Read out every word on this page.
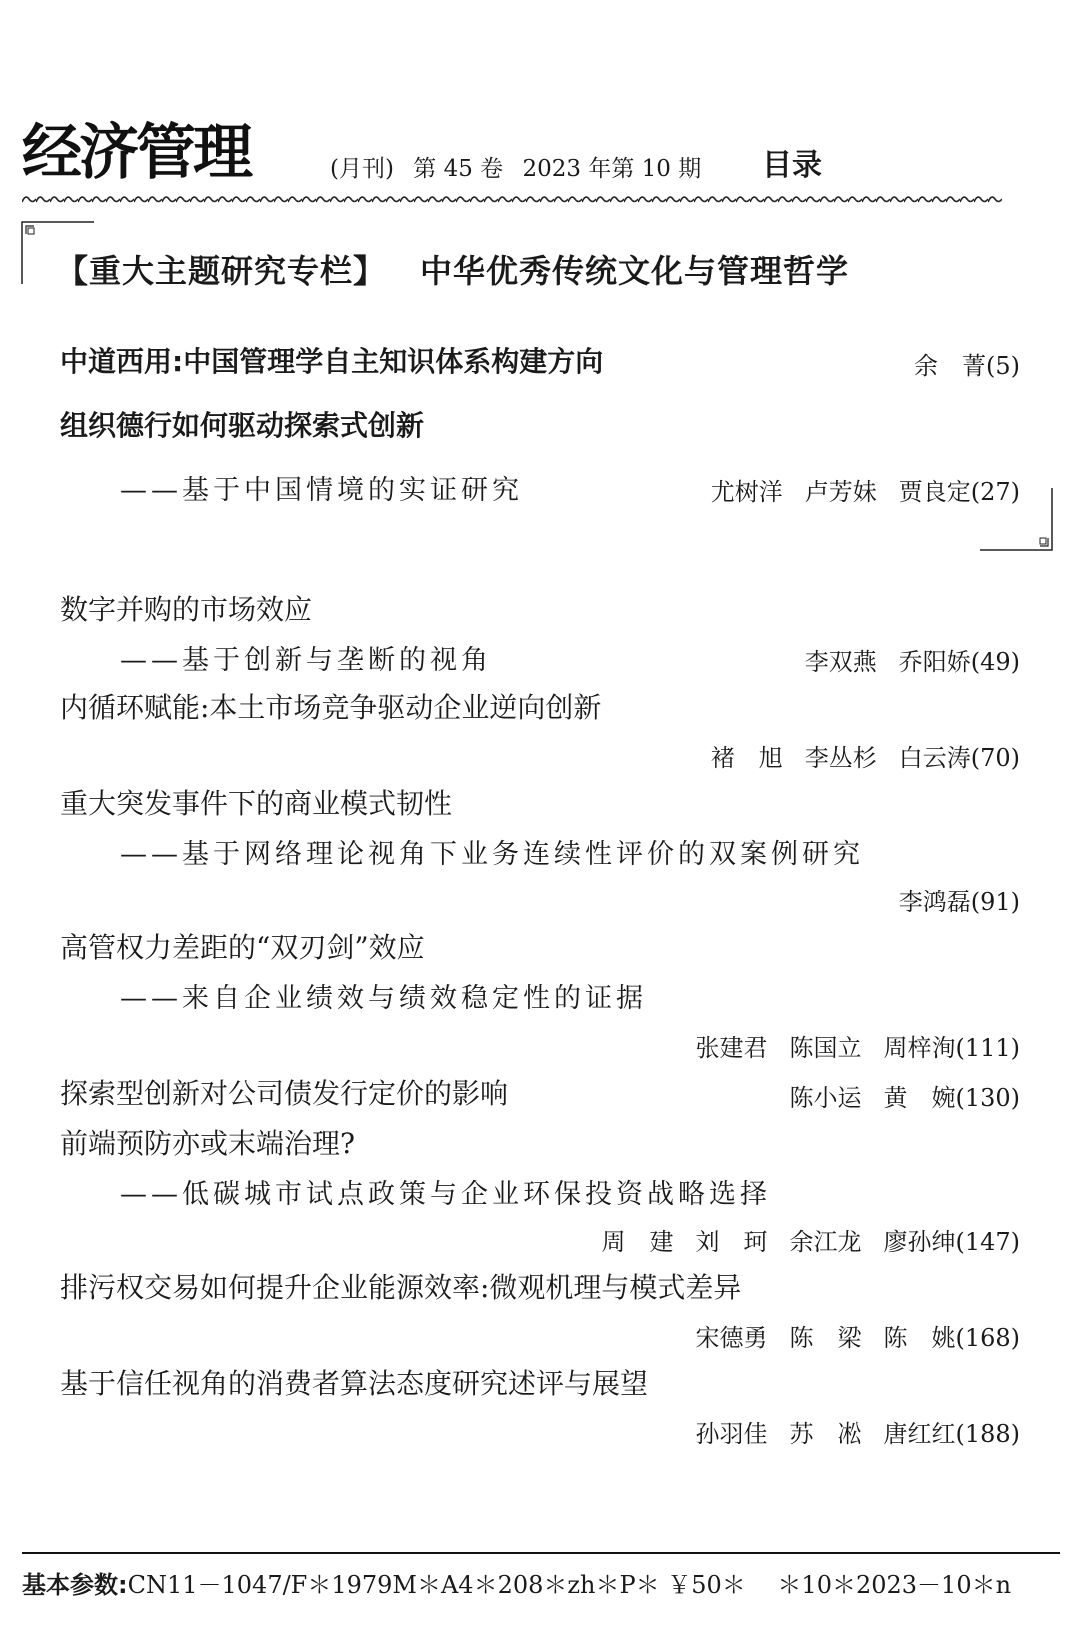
经济管理	(月刊) 第 45 卷 2023 年第 10 期	目录
【重大主题研究专栏】 中华优秀传统文化与管理哲学
中道西用:中国管理学自主知识体系构建方向	余　菁(5)
组织德行如何驱动探索式创新
——基于中国情境的实证研究	尤树洋 卢芳妹 贾良定(27)
数字并购的市场效应
——基于创新与垄断的视角	李双燕 乔阳娇(49)
内循环赋能:本土市场竞争驱动企业逆向创新
褚　旭 李丛杉 白云涛(70)
重大突发事件下的商业模式韧性
——基于网络理论视角下业务连续性评价的双案例研究
李鸿磊(91)
高管权力差距的“双刃剑”效应
——来自企业绩效与绩效稳定性的证据
张建君 陈国立 周梓洵(111)
探索型创新对公司债发行定价的影响	陈小运 黄　婉(130)
前端预防亦或末端治理?
——低碳城市试点政策与企业环保投资战略选择
周　建 刘　珂 余江龙 廖孙绅(147)
排污权交易如何提升企业能源效率:微观机理与模式差异
宋德勇 陈　梁 陈　姚(168)
基于信任视角的消费者算法态度研究述评与展望
孙羽佳 苏　凇 唐红红(188)
基本参数:CN11－1047/F＊1979M＊A4＊208＊zh＊P＊ ￥50＊　 ＊10＊2023－10＊n
